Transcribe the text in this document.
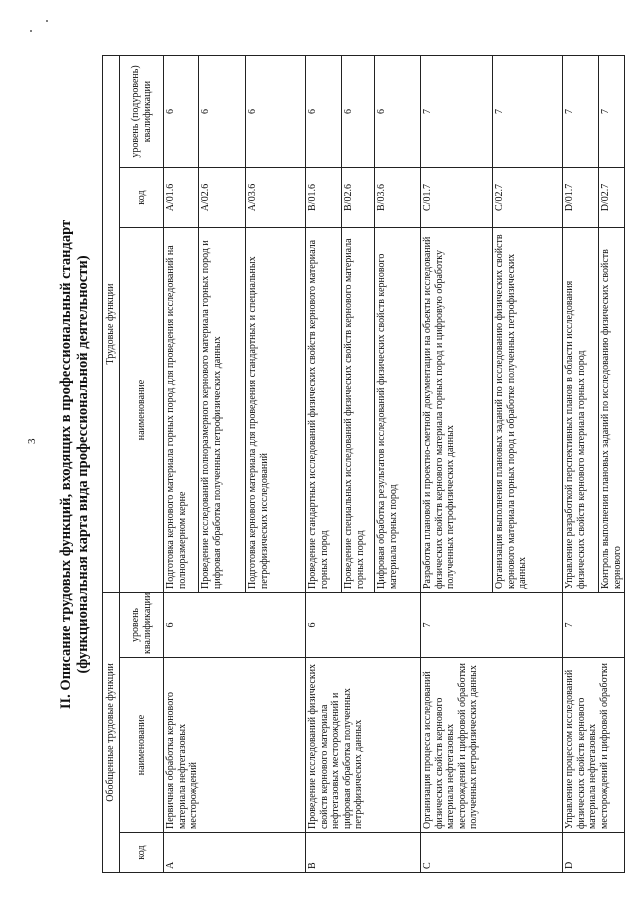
3 II. Описание трудовых функций, входящих в профессиональный стандарт (функциональная карта вида профессиональной деятельности)
Обобщенные трудовые функции			Трудовые функции		
код	наименование	уровень квалификации	наименование	код	уровень (подуровень) квалификации
A	Первичная обработка кернового материала нефтегазовых месторождений	6	Подготовка кернового материала горных пород для проведения исследований на полноразмерном керне	A/01.6	6
			Проведение исследований полноразмерного кернового материала горных пород и цифровая обработка полученных петрофизических данных	A/02.6	6
			Подготовка кернового материала для проведения стандартных и специальных петрофизических исследований	A/03.6	6
B	Проведение исследований физических свойств кернового материала нефтегазовых месторождений и цифровая обработка полученных петрофизических данных	6	Проведение стандартных исследований физических свойств кернового материала горных пород	B/01.6	6
			Проведение специальных исследований физических свойств кернового материала горных пород	B/02.6	6
			Цифровая обработка результатов исследований физических свойств кернового материала горных пород	B/03.6	6
C	Организация процесса исследований физических свойств кернового материала нефтегазовых месторождений и цифровой обработки полученных петрофизических данных	7	Разработка плановой и проектно-сметной документации на объекты исследований физических свойств кернового материала горных пород и цифровую обработку полученных петрофизических данных	C/01.7	7
			Организация выполнения плановых заданий по исследованию физических свойств кернового материала горных пород и обработке полученных петрофизических данных	C/02.7	7
D	Управление процессом исследований физических свойств кернового материала нефтегазовых месторождений и цифровой обработки	7	Управление разработкой перспективных планов в области исследования физических свойств кернового материала горных пород	D/01.7	7
			Контроль выполнения плановых заданий по исследованию физических свойств кернового	D/02.7	7
